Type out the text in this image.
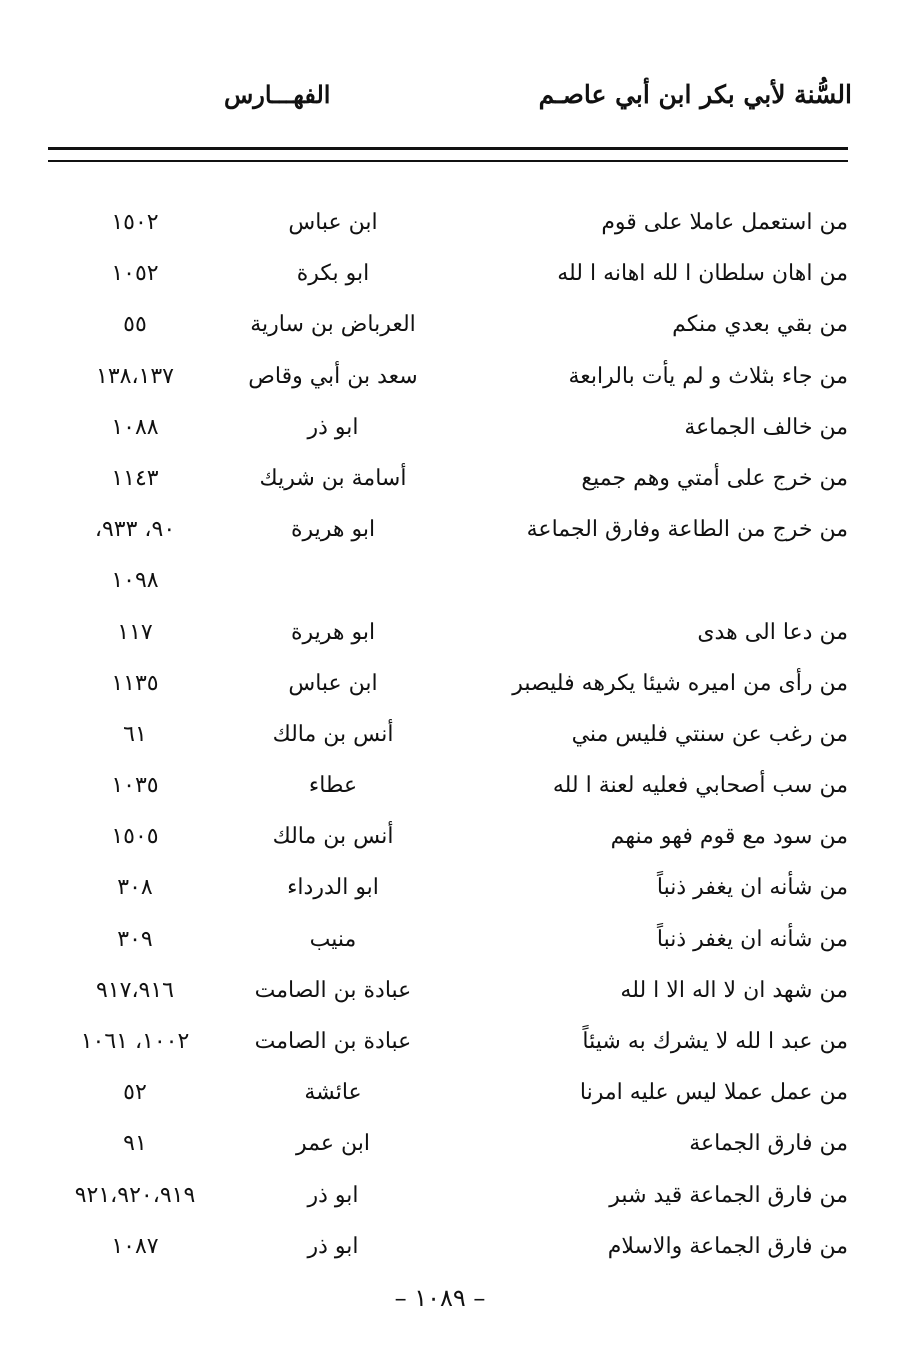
السُّنة لأبي بكر ابن أبي عاصـم
الفهـــارس
من استعمل عاملا على قوم
ابن عباس
١٥٠٢
من اهان سلطان ا لله اهانه ا لله
ابو بكرة
١٠٥٢
من بقي بعدي منكم
العرباض بن سارية
٥٥
من جاء بثلاث و لم يأت بالرابعة
سعد بن أبي وقاص
١٣٨،١٣٧
من خالف الجماعة
ابو ذر
١٠٨٨
من خرج على أمتي وهم جميع
أسامة بن شريك
١١٤٣
من خرج من الطاعة وفارق الجماعة
ابو هريرة
٩٠، ٩٣٣،
١٠٩٨
من دعا الى هدى
ابو هريرة
١١٧
من رأى من اميره شيئا يكرهه فليصبر
ابن عباس
١١٣٥
من رغب عن سنتي فليس مني
أنس بن مالك
٦١
من سب أصحابي فعليه لعنة ا لله
عطاء
١٠٣٥
من سود مع قوم فهو منهم
أنس بن مالك
١٥٠٥
من شأنه ان يغفر ذنباً
ابو الدرداء
٣٠٨
من شأنه ان يغفر ذنباً
منيب
٣٠٩
من شهد ان لا اله الا ا لله
عبادة بن الصامت
٩١٧،٩١٦
من عبد ا لله لا يشرك به شيئاً
عبادة بن الصامت
١٠٠٢، ١٠٦١
من عمل عملا ليس عليه امرنا
عائشة
٥٢
من فارق الجماعة
ابن عمر
٩١
من فارق الجماعة قيد شبر
ابو ذر
٩٢١،٩٢٠،٩١٩
من فارق الجماعة والاسلام
ابو ذر
١٠٨٧
– ١٠٨٩ –
